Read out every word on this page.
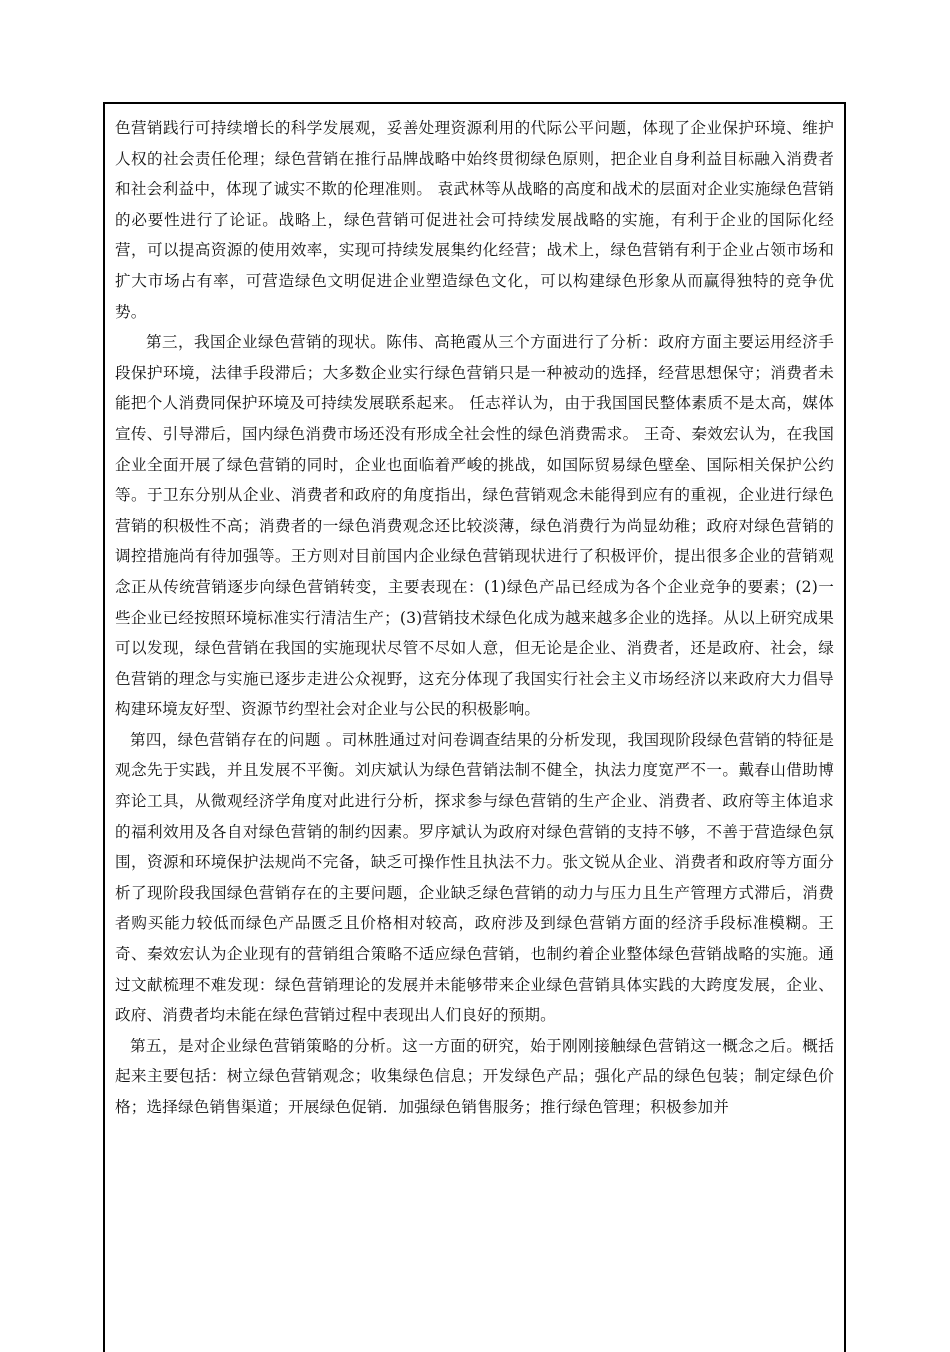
色营销践行可持续增长的科学发展观，妥善处理资源利用的代际公平问题，体现了企业保护环境、维护人权的社会责任伦理；绿色营销在推行品牌战略中始终贯彻绿色原则，把企业自身利益目标融入消费者和社会利益中，体现了诚实不欺的伦理准则。 袁武林等从战略的高度和战术的层面对企业实施绿色营销的必要性进行了论证。战略上，绿色营销可促进社会可持续发展战略的实施，有利于企业的国际化经营，可以提高资源的使用效率，实现可持续发展集约化经营；战术上，绿色营销有利于企业占领市场和扩大市场占有率，可营造绿色文明促进企业塑造绿色文化，可以构建绿色形象从而赢得独特的竞争优势。

第三，我国企业绿色营销的现状。陈伟、高艳霞从三个方面进行了分析：政府方面主要运用经济手段保护环境，法律手段滞后；大多数企业实行绿色营销只是一种被动的选择，经营思想保守；消费者未能把个人消费同保护环境及可持续发展联系起来。 任志祥认为，由于我国国民整体素质不是太高，媒体宣传、引导滞后，国内绿色消费市场还没有形成全社会性的绿色消费需求。 王奇、秦效宏认为，在我国企业全面开展了绿色营销的同时，企业也面临着严峻的挑战，如国际贸易绿色壁垒、国际相关保护公约等。于卫东分别从企业、消费者和政府的角度指出，绿色营销观念未能得到应有的重视，企业进行绿色营销的积极性不高；消费者的一绿色消费观念还比较淡薄，绿色消费行为尚显幼稚；政府对绿色营销的调控措施尚有待加强等。王方则对目前国内企业绿色营销现状进行了积极评价，提出很多企业的营销观念正从传统营销逐步向绿色营销转变，主要表现在：(1)绿色产品已经成为各个企业竞争的要素；(2)一些企业已经按照环境标准实行清洁生产；(3)营销技术绿色化成为越来越多企业的选择。从以上研究成果可以发现，绿色营销在我国的实施现状尽管不尽如人意，但无论是企业、消费者，还是政府、社会，绿色营销的理念与实施已逐步走进公众视野，这充分体现了我国实行社会主义市场经济以来政府大力倡导构建环境友好型、资源节约型社会对企业与公民的积极影响。

第四，绿色营销存在的问题 。司林胜通过对问卷调查结果的分析发现，我国现阶段绿色营销的特征是观念先于实践，并且发展不平衡。刘庆斌认为绿色营销法制不健全，执法力度宽严不一。戴春山借助博弈论工具，从微观经济学角度对此进行分析，探求参与绿色营销的生产企业、消费者、政府等主体追求的福利效用及各自对绿色营销的制约因素。罗序斌认为政府对绿色营销的支持不够，不善于营造绿色氛围，资源和环境保护法规尚不完备，缺乏可操作性且执法不力。张文锐从企业、消费者和政府等方面分析了现阶段我国绿色营销存在的主要问题，企业缺乏绿色营销的动力与压力且生产管理方式滞后，消费者购买能力较低而绿色产品匮乏且价格相对较高，政府涉及到绿色营销方面的经济手段标准模糊。王奇、秦效宏认为企业现有的营销组合策略不适应绿色营销，也制约着企业整体绿色营销战略的实施。通过文献梳理不难发现：绿色营销理论的发展并未能够带来企业绿色营销具体实践的大跨度发展，企业、政府、消费者均未能在绿色营销过程中表现出人们良好的预期。

第五，是对企业绿色营销策略的分析。这一方面的研究，始于刚刚接触绿色营销这一概念之后。概括起来主要包括：树立绿色营销观念；收集绿色信息；开发绿色产品；强化产品的绿色包装；制定绿色价格；选择绿色销售渠道；开展绿色促销．加强绿色销售服务；推行绿色管理；积极参加并
